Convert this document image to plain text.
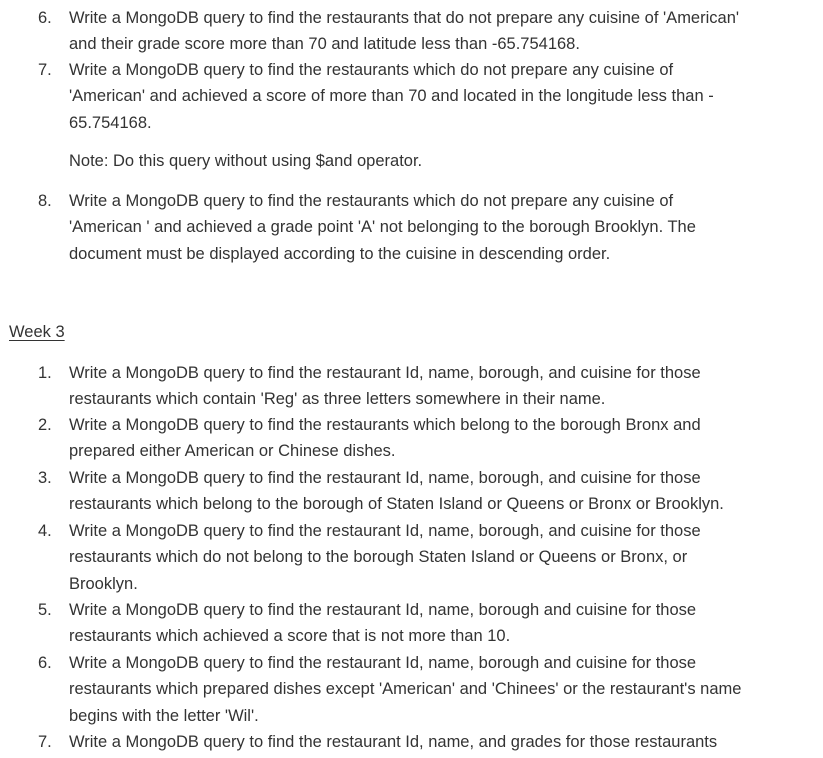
6.	Write a MongoDB query to find the restaurants that do not prepare any cuisine of 'American'
and their grade score more than 70 and latitude less than -65.754168.
7.	Write a MongoDB query to find the restaurants which do not prepare any cuisine of
'American' and achieved a score of more than 70 and located in the longitude less than -
65.754168.
Note: Do this query without using $and operator.
8.	Write a MongoDB query to find the restaurants which do not prepare any cuisine of
'American ' and achieved a grade point 'A' not belonging to the borough Brooklyn. The
document must be displayed according to the cuisine in descending order.
Week 3
1.	Write a MongoDB query to find the restaurant Id, name, borough, and cuisine for those
restaurants which contain 'Reg' as three letters somewhere in their name.
2.	Write a MongoDB query to find the restaurants which belong to the borough Bronx and
prepared either American or Chinese dishes.
3.	Write a MongoDB query to find the restaurant Id, name, borough, and cuisine for those
restaurants which belong to the borough of Staten Island or Queens or Bronx or Brooklyn.
4.	Write a MongoDB query to find the restaurant Id, name, borough, and cuisine for those
restaurants which do not belong to the borough Staten Island or Queens or Bronx, or
Brooklyn.
5.	Write a MongoDB query to find the restaurant Id, name, borough and cuisine for those
restaurants which achieved a score that is not more than 10.
6.	Write a MongoDB query to find the restaurant Id, name, borough and cuisine for those
restaurants which prepared dishes except 'American' and 'Chinees' or the restaurant's name
begins with the letter 'Wil'.
7.	Write a MongoDB query to find the restaurant Id, name, and grades for those restaurants
